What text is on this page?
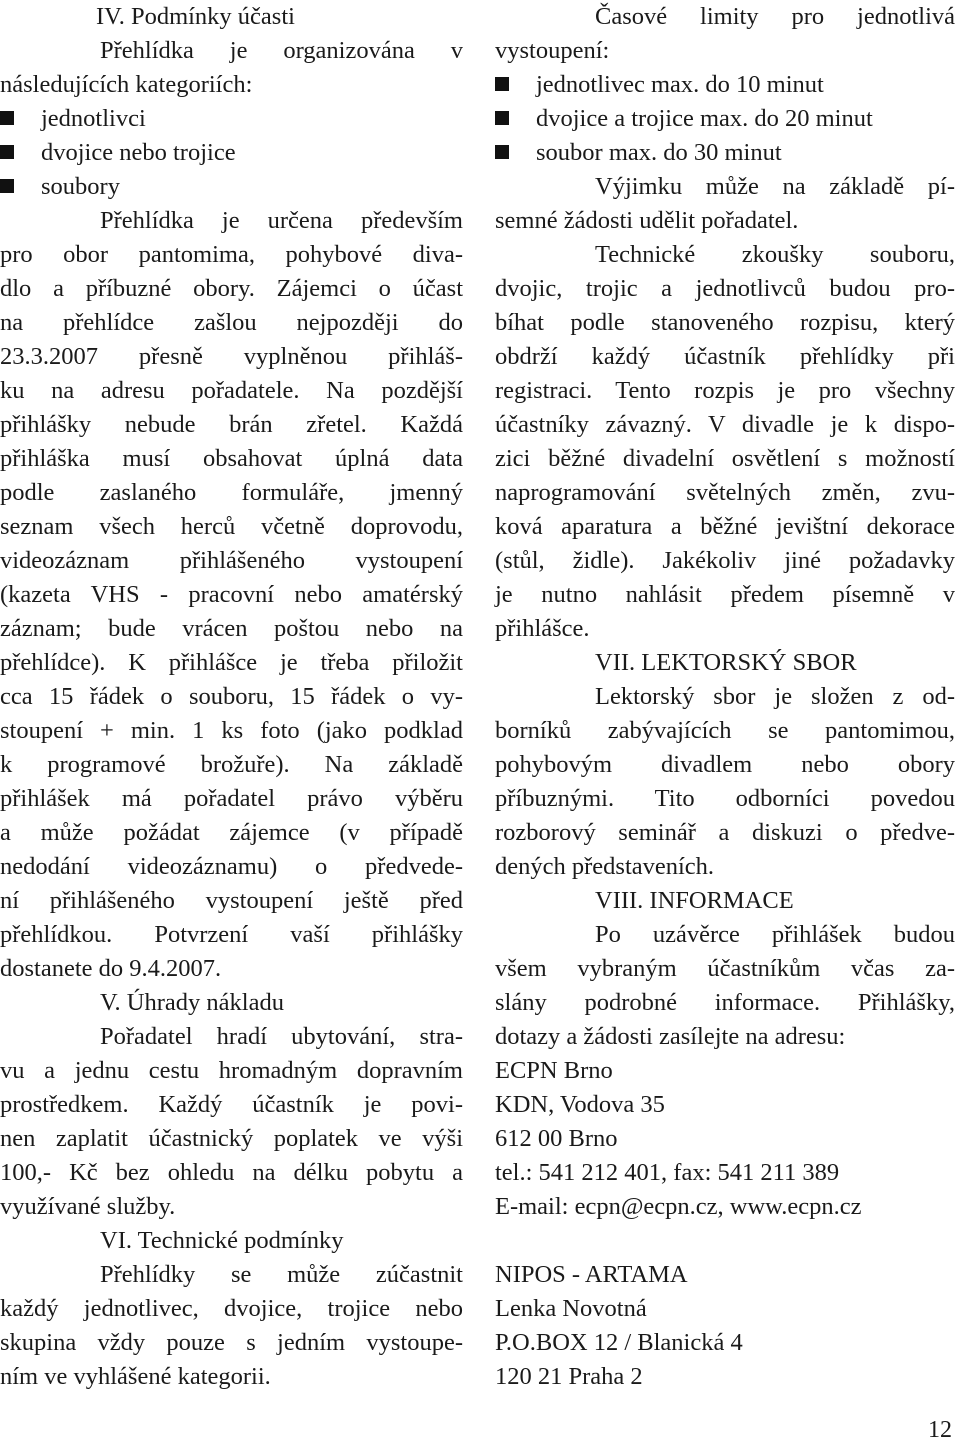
IV. Podmínky účasti
Přehlídka je organizována v
následujících kategoriích:
jednotlivci
dvojice nebo trojice
soubory
Přehlídka je určena především
pro obor pantomima, pohybové diva-
dlo a příbuzné obory. Zájemci o účast
na přehlídce zašlou nejpozději do
23.3.2007 přesně vyplněnou přihláš-
ku na adresu pořadatele. Na pozdější
přihlášky nebude brán zřetel. Každá
přihláška musí obsahovat úplná data
podle zaslaného formuláře, jmenný
seznam všech herců včetně doprovodu,
videozáznam přihlášeného vystoupení
(kazeta VHS - pracovní nebo amatérský
záznam; bude vrácen poštou nebo na
přehlídce). K přihlášce je třeba přiložit
cca 15 řádek o souboru, 15 řádek o vy-
stoupení + min. 1 ks foto (jako podklad
k programové brožuře). Na základě
přihlášek má pořadatel právo výběru
a může požádat zájemce (v případě
nedodání videozáznamu) o předvede-
ní přihlášeného vystoupení ještě před
přehlídkou. Potvrzení vaší přihlášky
dostanete do 9.4.2007.
V. Úhrady nákladu
Pořadatel hradí ubytování, stra-
vu a jednu cestu hromadným dopravním
prostředkem. Každý účastník je povi-
nen zaplatit účastnický poplatek ve výši
100,- Kč bez ohledu na délku pobytu a
využívané služby.
VI. Technické podmínky
Přehlídky se může zúčastnit
každý jednotlivec, dvojice, trojice nebo
skupina vždy pouze s jedním vystoupe-
ním ve vyhlášené kategorii.
Časové limity pro jednotlivá
vystoupení:
jednotlivec max. do 10 minut
dvojice a trojice max. do 20 minut
soubor max. do 30 minut
Výjimku může na základě pí-
semné žádosti udělit pořadatel.
Technické zkoušky souboru,
dvojic, trojic a jednotlivců budou pro-
bíhat podle stanoveného rozpisu, který
obdrží každý účastník přehlídky při
registraci. Tento rozpis je pro všechny
účastníky závazný. V divadle je k dispo-
zici běžné divadelní osvětlení s možností
naprogramování světelných změn, zvu-
ková aparatura a běžné jevištní dekorace
(stůl, židle). Jakékoliv jiné požadavky
je nutno nahlásit předem písemně v
přihlášce.
VII. LEKTORSKÝ SBOR
Lektorský sbor je složen z od-
borníků zabývajících se pantomimou,
pohybovým divadlem nebo obory
příbuznými. Tito odborníci povedou
rozborový seminář a diskuzi o předve-
dených představeních.
VIII. INFORMACE
Po uzávěrce přihlášek budou
všem vybraným účastníkům včas za-
slány podrobné informace. Přihlášky,
dotazy a žádosti zasílejte na adresu:
ECPN Brno
KDN, Vodova 35
612 00 Brno
tel.: 541 212 401, fax: 541 211 389
E-mail: ecpn@ecpn.cz, www.ecpn.cz
NIPOS - ARTAMA
Lenka Novotná
P.O.BOX 12 / Blanická 4
120 21 Praha 2
12
